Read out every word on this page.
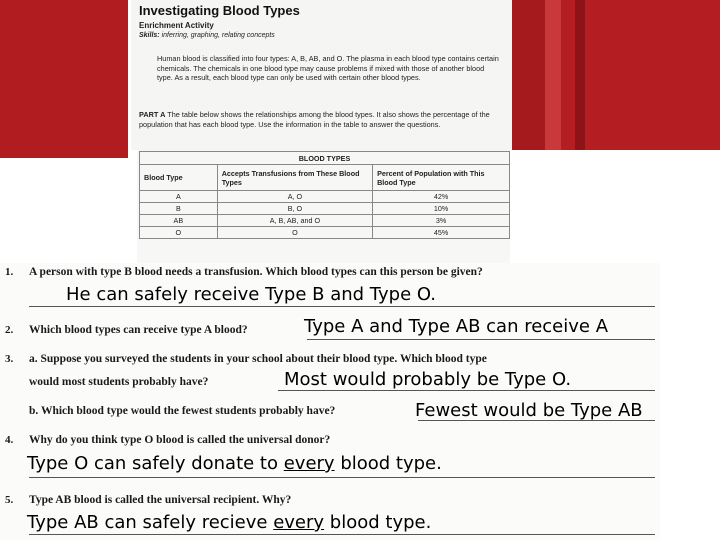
Investigating Blood Types
Enrichment Activity
Skills: inferring, graphing, relating concepts
Human blood is classified into four types: A, B, AB, and O. The plasma in each blood type contains certain chemicals. The chemicals in one blood type may cause problems if mixed with those of another blood type. As a result, each blood type can only be used with certain other blood types.
PART A The table below shows the relationships among the blood types. It also shows the percentage of the population that has each blood type. Use the information in the table to answer the questions.
BLOOD TYPES		
Blood Type	Accepts Transfusions from These Blood Types	Percent of Population with This Blood Type
A	A, O	42%
B	B, O	10%
AB	A, B, AB, and O	3%
O	O	45%
1. A person with type B blood needs a transfusion. Which blood types can this person be given?
He can safely receive Type B and Type O.
2. Which blood types can receive type A blood?	Type A and Type AB can receive A
3. a. Suppose you surveyed the students in your school about their blood type. Which blood type
would most students probably have?	Most would probably be Type O.
b. Which blood type would the fewest students probably have?	Fewest would be Type AB
4. Why do you think type O blood is called the universal donor?
Type O can safely donate to every blood type.
5. Type AB blood is called the universal recipient. Why?
Type AB can safely recieve every blood type.
